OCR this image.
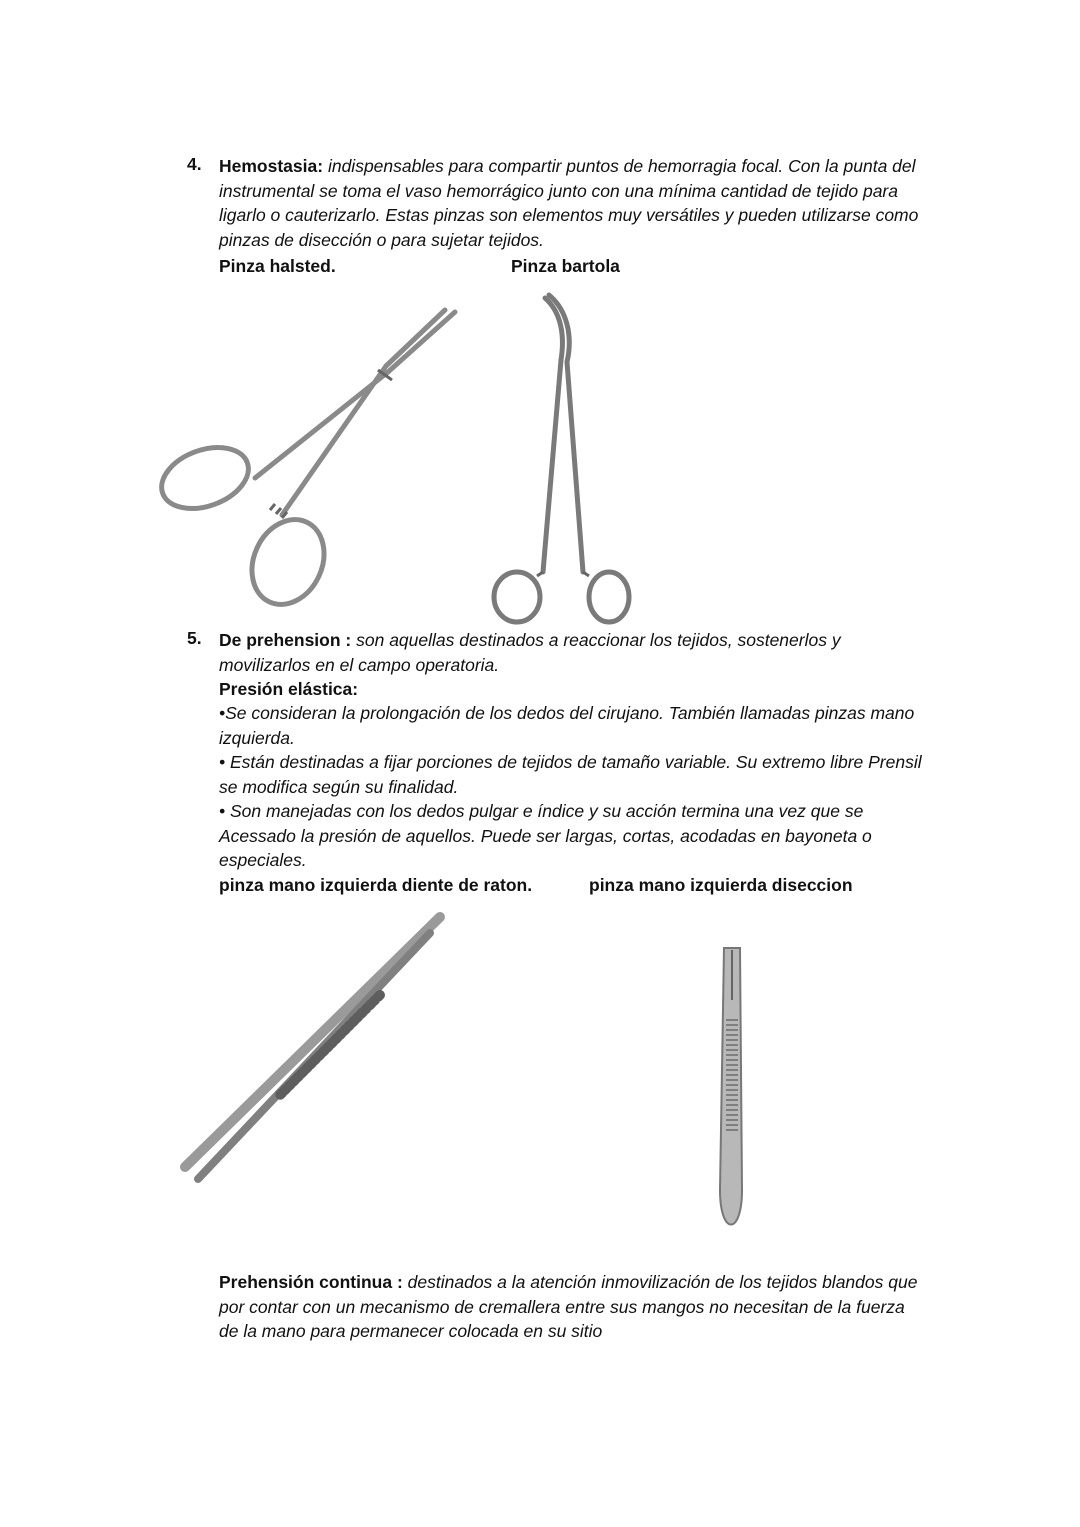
4. Hemostasia: indispensables para compartir puntos de hemorragia focal. Con la punta del instrumental se toma el vaso hemorrágico junto con una mínima cantidad de tejido para ligarlo o cauterizarlo. Estas pinzas son elementos muy versátiles y pueden utilizarse como pinzas de disección o para sujetar tejidos.
Pinza halsted.	Pinza bartola
5. De prehension : son aquellas destinados a reaccionar los tejidos, sostenerlos y movilizarlos en el campo operatoria.
Presión elástica:
•Se consideran la prolongación de los dedos del cirujano. También llamadas pinzas mano izquierda.
• Están destinadas a fijar porciones de tejidos de tamaño variable. Su extremo libre Prensil se modifica según su finalidad.
• Son manejadas con los dedos pulgar e índice y su acción termina una vez que se Acessado la presión de aquellos. Puede ser largas, cortas, acodadas en bayoneta o especiales.
pinza mano izquierda diente de raton.	pinza mano izquierda diseccion
Prehensión continua : destinados a la atención inmovilización de los tejidos blandos que por contar con un mecanismo de cremallera entre sus mangos no necesitan de la fuerza de la mano para permanecer colocada en su sitio
